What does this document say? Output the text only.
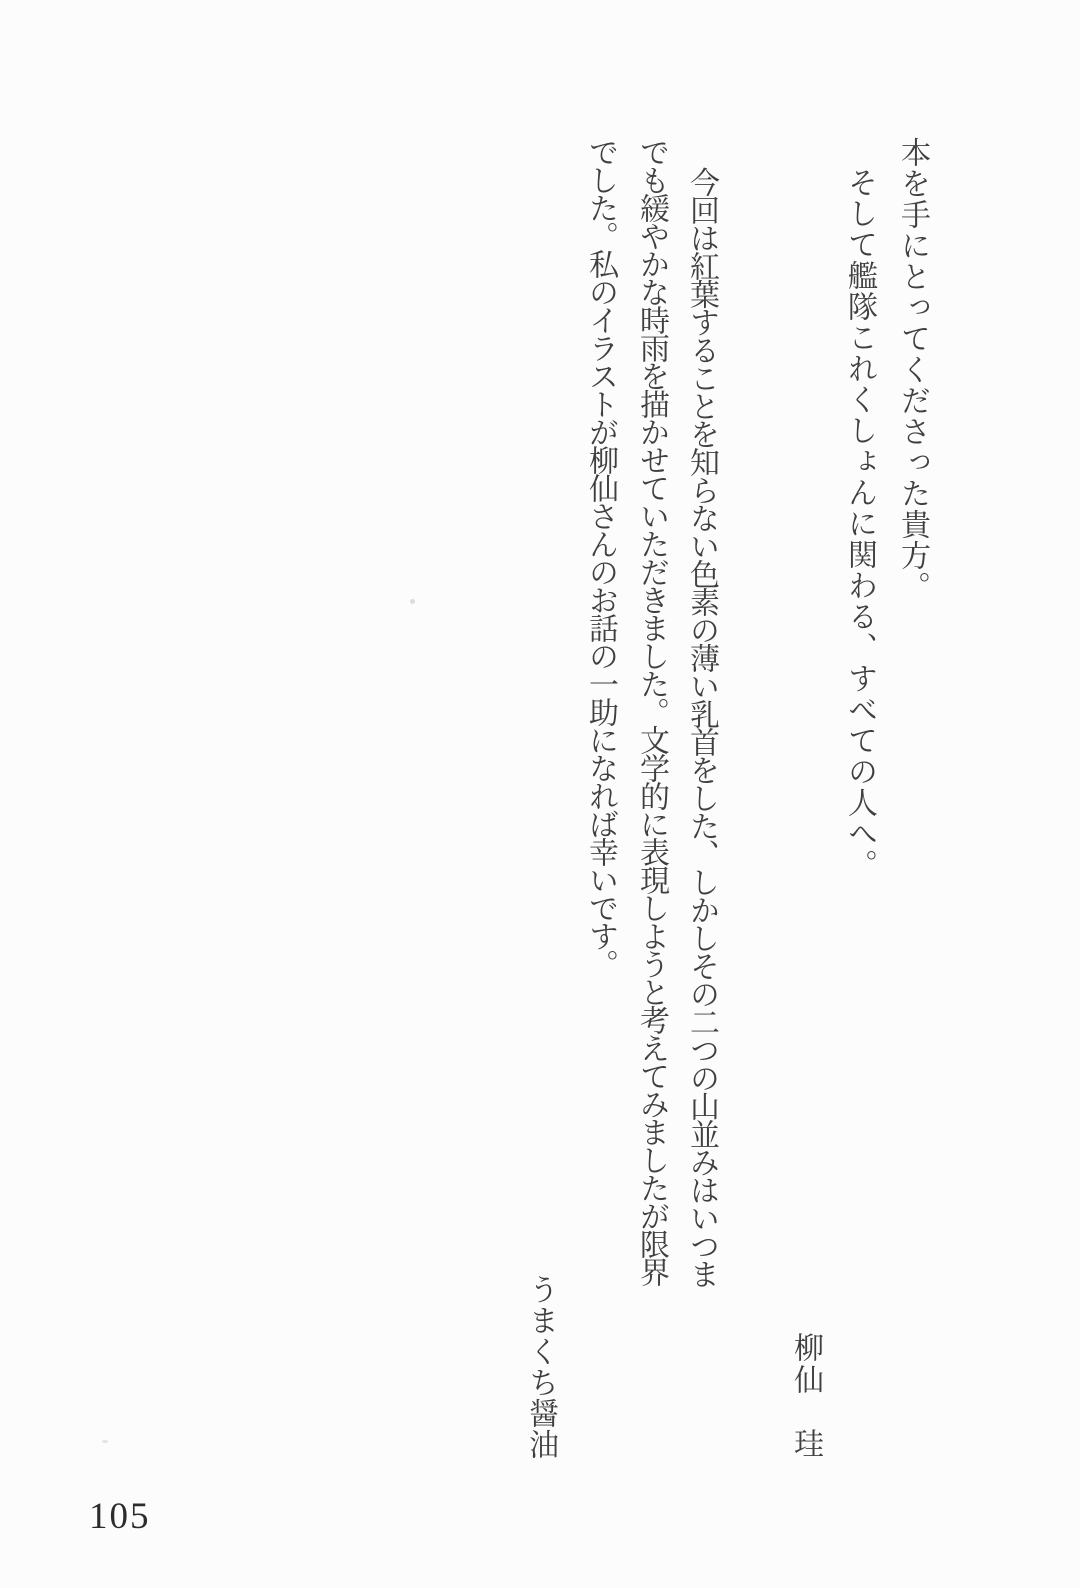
本を手にとってくださった貴方。

そして艦隊これくしょんに関わる、すべての人へ。

柳仙　珪

今回は紅葉することを知らない色素の薄い乳首をした、しかしその二つの山並みはいつま

でも緩やかな時雨を描かせていただきました。文学的に表現しようと考えてみましたが限界

でした。私のイラストが柳仙さんのお話の一助になれば幸いです。

うまくち醤油

105
